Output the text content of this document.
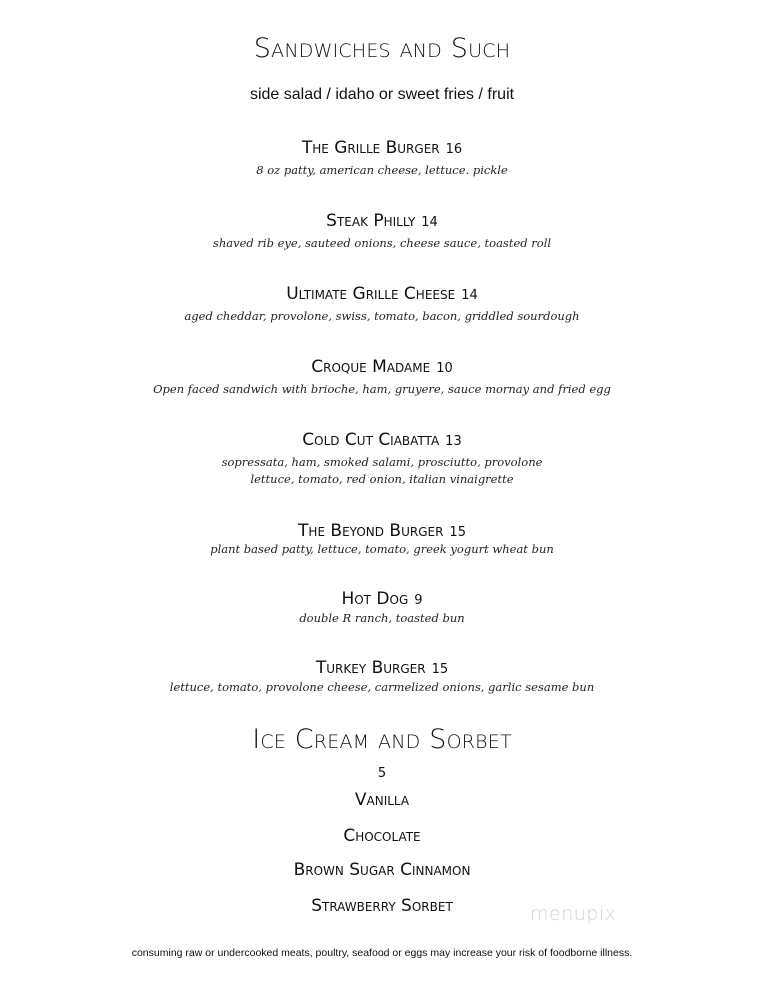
Sandwiches and Such
side salad / idaho or sweet fries / fruit
The Grille Burger 16
8 oz patty, american cheese, lettuce. pickle
Steak Philly 14
shaved rib eye, sauteed onions, cheese sauce, toasted roll
Ultimate Grille Cheese 14
aged cheddar, provolone, swiss, tomato, bacon, griddled sourdough
Croque Madame 10
Open faced sandwich with brioche, ham, gruyere, sauce mornay and fried egg
Cold Cut Ciabatta 13
sopressata, ham, smoked salami, prosciutto, provolone
lettuce, tomato, red onion, italian vinaigrette
The Beyond Burger 15
plant based patty, lettuce, tomato, greek yogurt wheat bun
Hot Dog 9
double R ranch, toasted bun
Turkey Burger 15
lettuce, tomato, provolone cheese, carmelized onions, garlic sesame bun
Ice Cream and Sorbet
5
Vanilla
Chocolate
Brown Sugar Cinnamon
Strawberry Sorbet	menupix
consuming raw or undercooked meats, poultry, seafood or eggs may increase your risk of foodborne illness.
